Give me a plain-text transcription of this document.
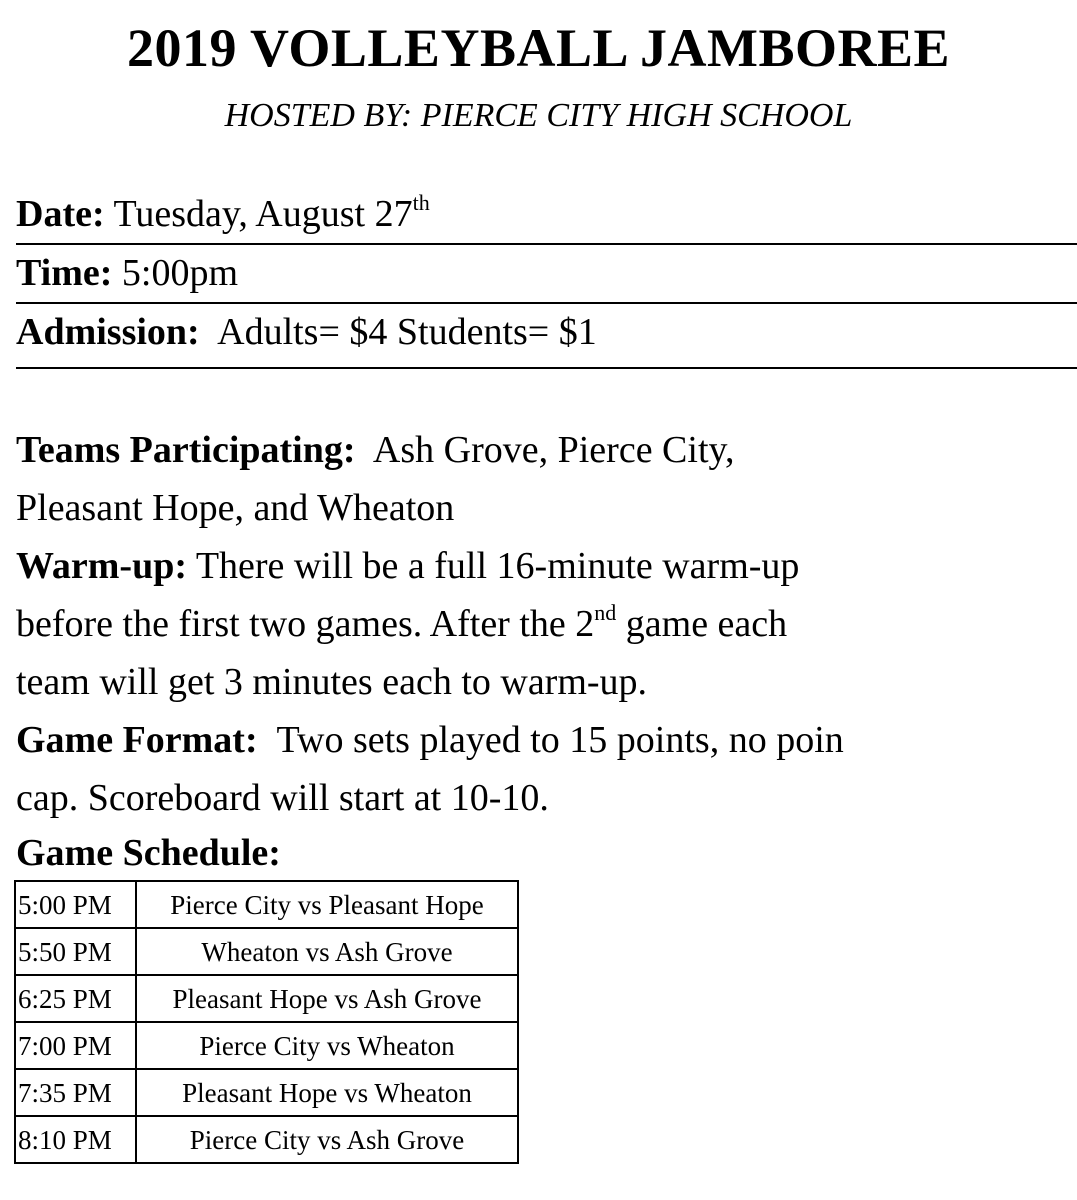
2019 VOLLEYBALL JAMBOREE
HOSTED BY: PIERCE CITY HIGH SCHOOL
Date: Tuesday, August 27th
Time: 5:00pm
Admission: Adults= $4 Students= $1
Teams Participating: Ash Grove, Pierce City,
Pleasant Hope, and Wheaton
Warm-up: There will be a full 16-minute warm-up
before the first two games. After the 2nd game each
team will get 3 minutes each to warm-up.
Game Format: Two sets played to 15 points, no poin
cap. Scoreboard will start at 10-10.
Game Schedule:
5:00 PM	Pierce City vs Pleasant Hope
5:50 PM	Wheaton vs Ash Grove
6:25 PM	Pleasant Hope vs Ash Grove
7:00 PM	Pierce City vs Wheaton
7:35 PM	Pleasant Hope vs Wheaton
8:10 PM	Pierce City vs Ash Grove
